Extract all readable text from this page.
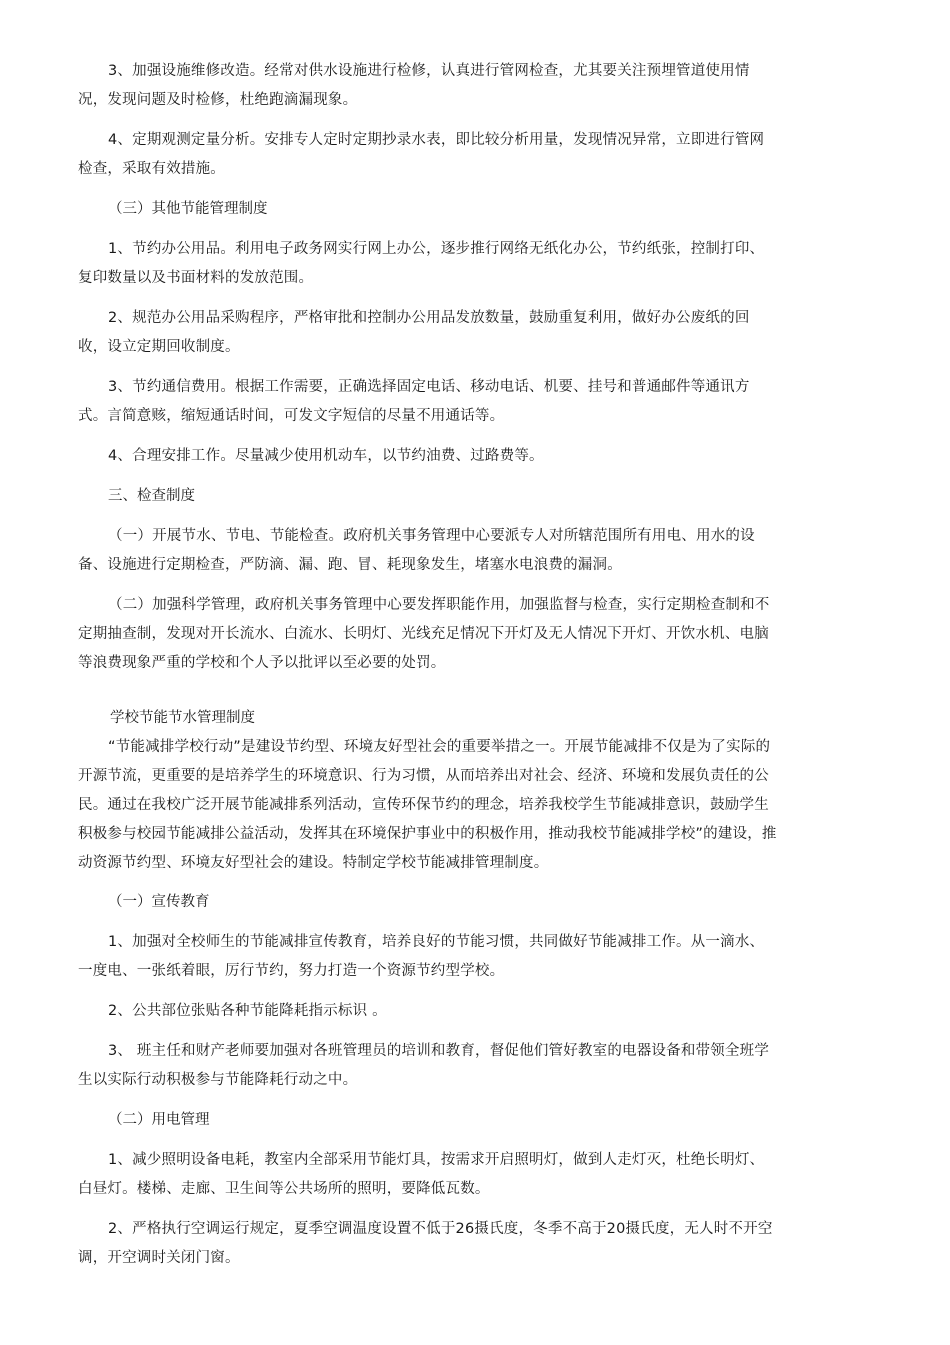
3、加强设施维修改造。经常对供水设施进行检修，认真进行管网检查，尤其要关注预埋管道使用情况，发现问题及时检修，杜绝跑滴漏现象。

4、定期观测定量分析。安排专人定时定期抄录水表，即比较分析用量，发现情况异常，立即进行管网检查，采取有效措施。

（三）其他节能管理制度

1、节约办公用品。利用电子政务网实行网上办公，逐步推行网络无纸化办公，节约纸张，控制打印、复印数量以及书面材料的发放范围。

2、规范办公用品采购程序，严格审批和控制办公用品发放数量，鼓励重复利用，做好办公废纸的回收，设立定期回收制度。

3、节约通信费用。根据工作需要，正确选择固定电话、移动电话、机要、挂号和普通邮件等通讯方式。言简意赅，缩短通话时间，可发文字短信的尽量不用通话等。

4、合理安排工作。尽量减少使用机动车，以节约油费、过路费等。

三、检查制度

（一）开展节水、节电、节能检查。政府机关事务管理中心要派专人对所辖范围所有用电、用水的设备、设施进行定期检查，严防滴、漏、跑、冒、耗现象发生，堵塞水电浪费的漏洞。

（二）加强科学管理，政府机关事务管理中心要发挥职能作用，加强监督与检查，实行定期检查制和不定期抽查制，发现对开长流水、白流水、长明灯、光线充足情况下开灯及无人情况下开灯、开饮水机、电脑等浪费现象严重的学校和个人予以批评以至必要的处罚。

学校节能节水管理制度

“节能减排学校行动”是建设节约型、环境友好型社会的重要举措之一。开展节能减排不仅是为了实际的开源节流，更重要的是培养学生的环境意识、行为习惯，从而培养出对社会、经济、环境和发展负责任的公民。通过在我校广泛开展节能减排系列活动，宣传环保节约的理念，培养我校学生节能减排意识，鼓励学生积极参与校园节能减排公益活动，发挥其在环境保护事业中的积极作用，推动我校节能减排学校”的建设，推动资源节约型、环境友好型社会的建设。特制定学校节能减排管理制度。

（一）宣传教育

1、加强对全校师生的节能减排宣传教育，培养良好的节能习惯，共同做好节能减排工作。从一滴水、一度电、一张纸着眼，厉行节约，努力打造一个资源节约型学校。

2、公共部位张贴各种节能降耗指示标识 。

3、 班主任和财产老师要加强对各班管理员的培训和教育，督促他们管好教室的电器设备和带领全班学生以实际行动积极参与节能降耗行动之中。

（二）用电管理

1、减少照明设备电耗，教室内全部采用节能灯具，按需求开启照明灯，做到人走灯灭，杜绝长明灯、白昼灯。楼梯、走廊、卫生间等公共场所的照明，要降低瓦数。

2、严格执行空调运行规定，夏季空调温度设置不低于26摄氏度，冬季不高于20摄氏度，无人时不开空调，开空调时关闭门窗。
